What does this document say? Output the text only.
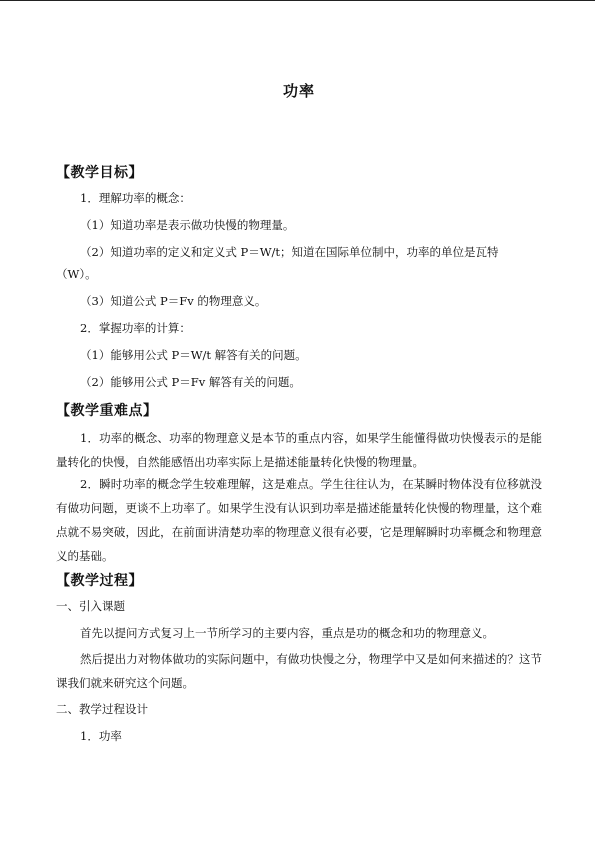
功率
【教学目标】
1．理解功率的概念：
（1）知道功率是表示做功快慢的物理量。
（2）知道功率的定义和定义式 P＝W/t；知道在国际单位制中，功率的单位是瓦特
（W）。
（3）知道公式 P＝Fv 的物理意义。
2．掌握功率的计算：
（1）能够用公式 P＝W/t 解答有关的问题。
（2）能够用公式 P＝Fv 解答有关的问题。
【教学重难点】
1．功率的概念、功率的物理意义是本节的重点内容，如果学生能懂得做功快慢表示的是能量转化的快慢，自然能感悟出功率实际上是描述能量转化快慢的物理量。
2．瞬时功率的概念学生较难理解，这是难点。学生往往认为，在某瞬时物体没有位移就没有做功问题，更谈不上功率了。如果学生没有认识到功率是描述能量转化快慢的物理量，这个难点就不易突破，因此，在前面讲清楚功率的物理意义很有必要，它是理解瞬时功率概念和物理意义的基础。
【教学过程】
一、引入课题
首先以提问方式复习上一节所学习的主要内容，重点是功的概念和功的物理意义。
然后提出力对物体做功的实际问题中，有做功快慢之分，物理学中又是如何来描述的？这节课我们就来研究这个问题。
二、教学过程设计
1．功率
